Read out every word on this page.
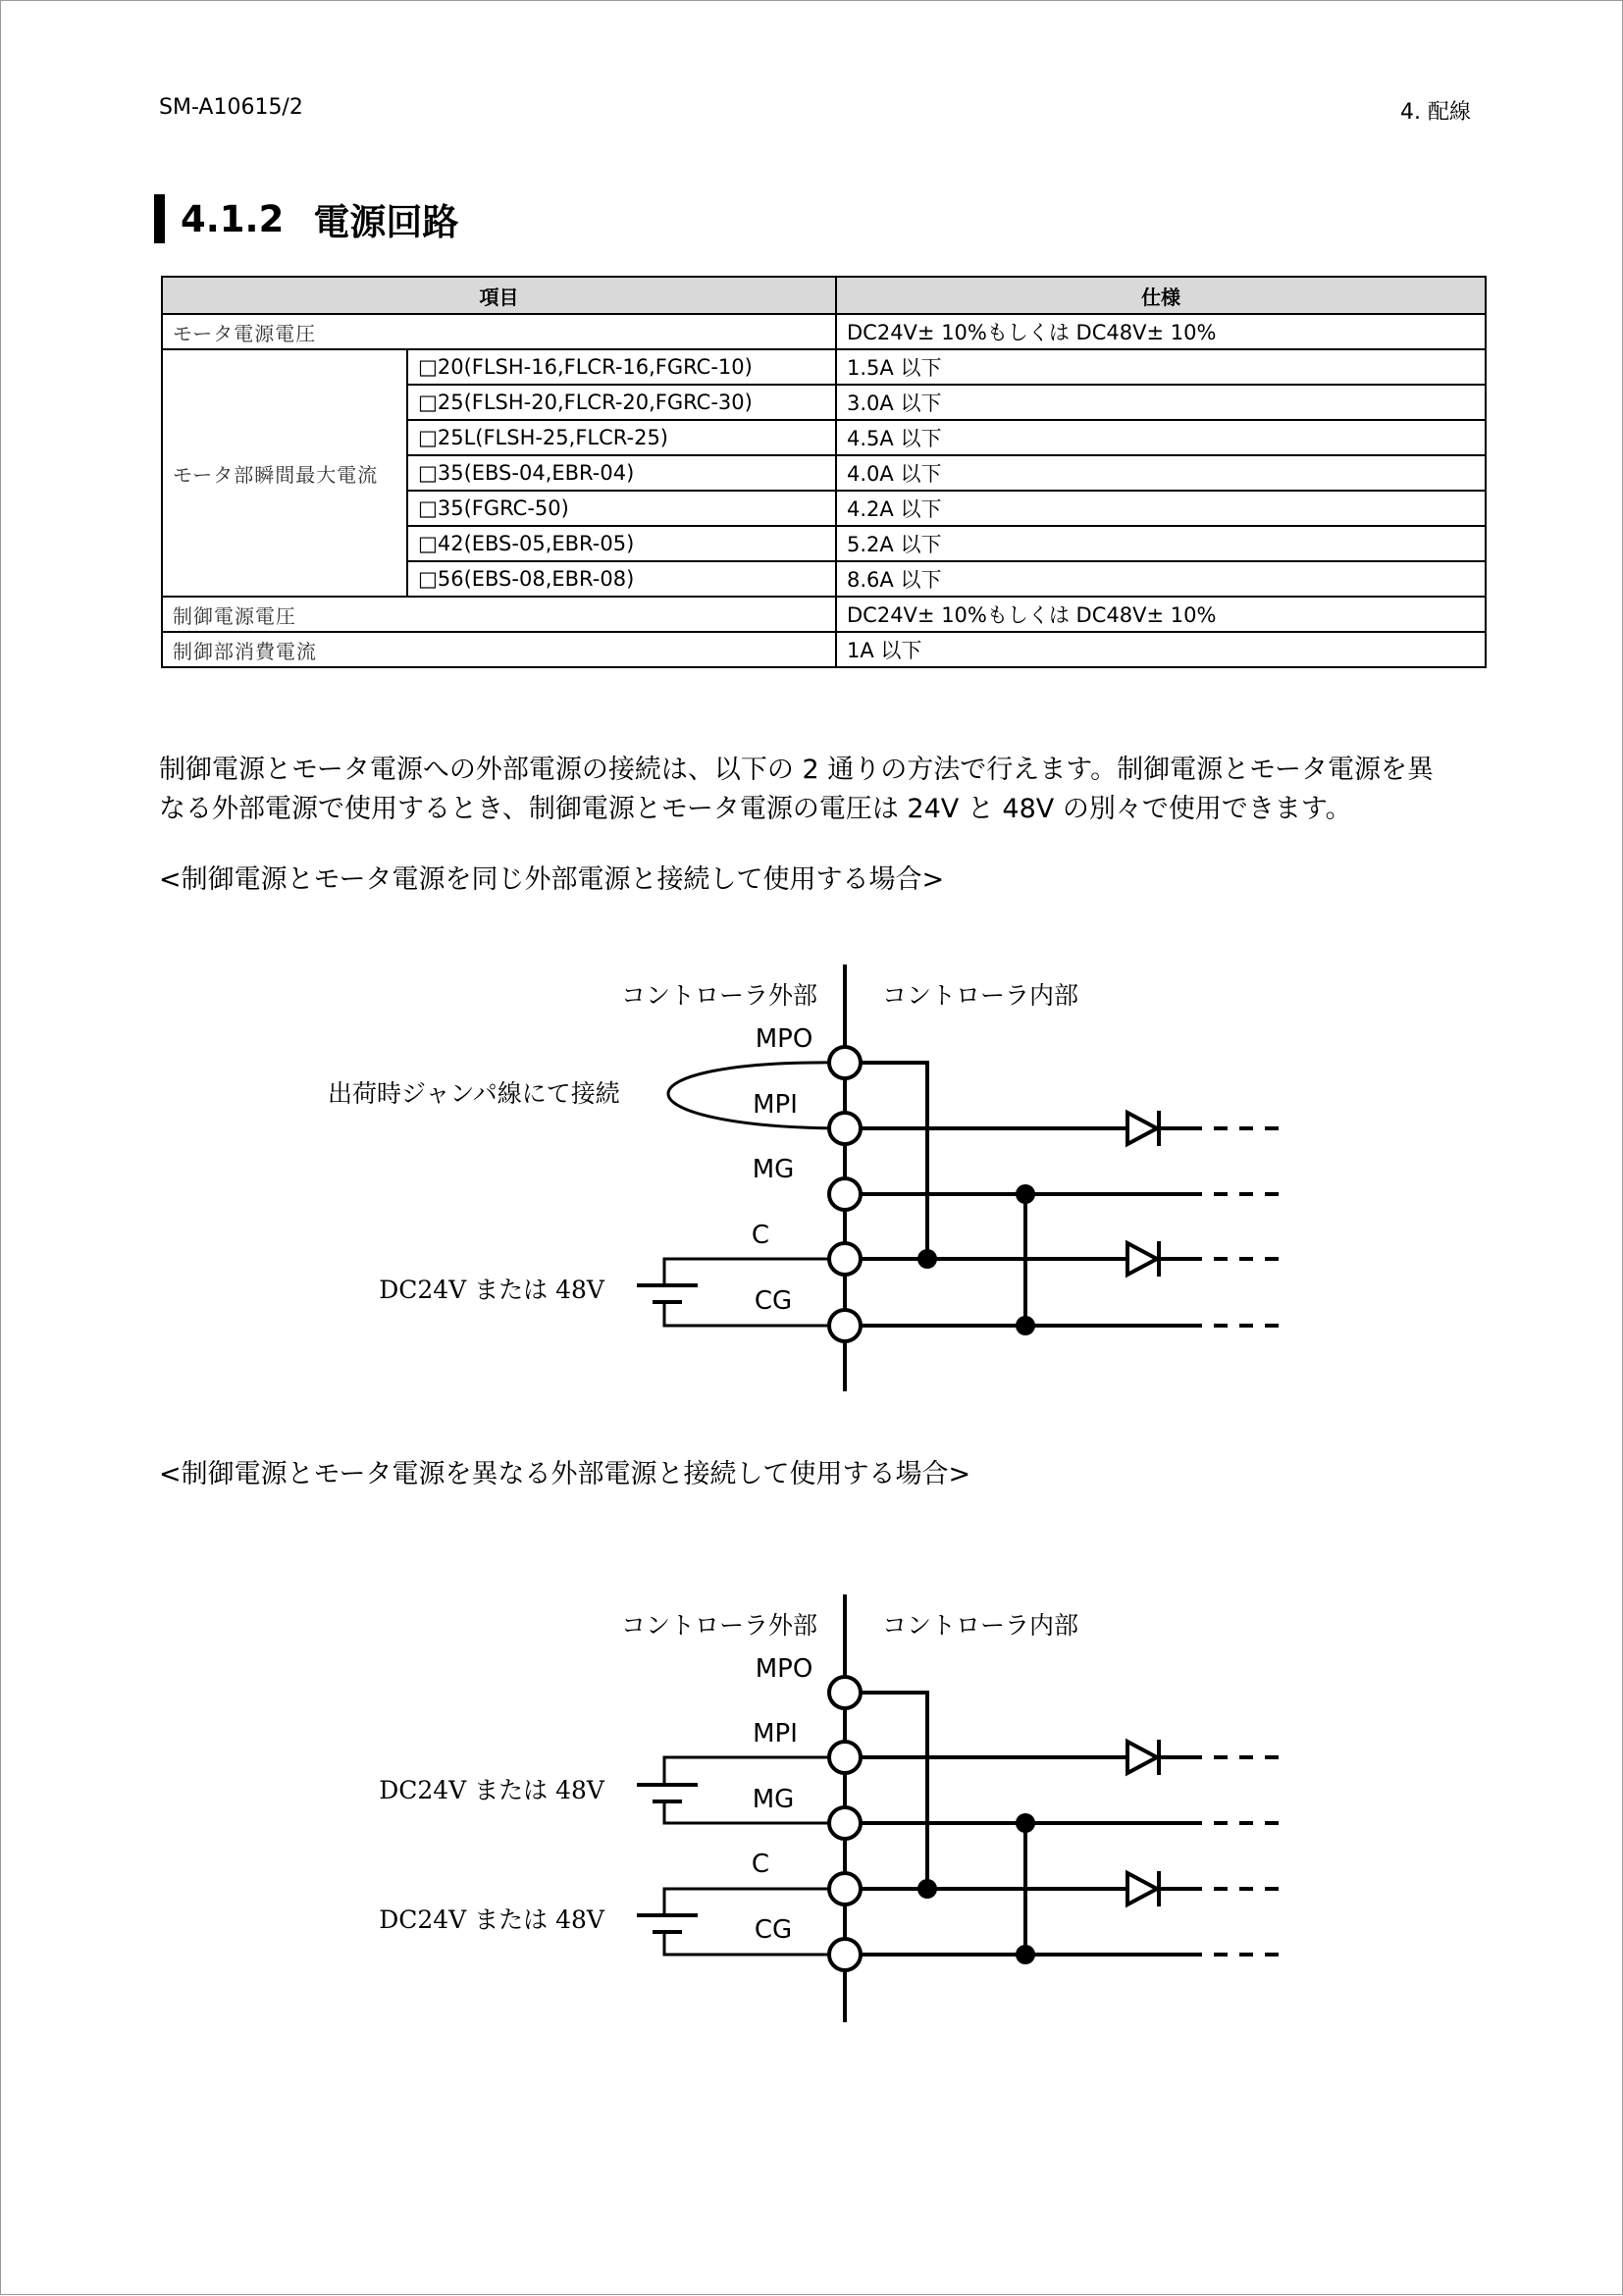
SM-A10615/2	4. 配線
4.1.2 電源回路
項目		仕様
モータ電源電圧		DC24V± 10%もしくは DC48V± 10%
モータ部瞬間最大電流	□20(FLSH-16,FLCR-16,FGRC-10)	1.5A 以下
	□25(FLSH-20,FLCR-20,FGRC-30)	3.0A 以下
	□25L(FLSH-25,FLCR-25)	4.5A 以下
	□35(EBS-04,EBR-04)	4.0A 以下
	□35(FGRC-50)	4.2A 以下
	□42(EBS-05,EBR-05)	5.2A 以下
	□56(EBS-08,EBR-08)	8.6A 以下
制御電源電圧		DC24V± 10%もしくは DC48V± 10%
制御部消費電流		1A 以下
制御電源とモータ電源への外部電源の接続は、以下の 2 通りの方法で行えます。制御電源とモータ電源を異
なる外部電源で使用するとき、制御電源とモータ電源の電圧は 24V と 48V の別々で使用できます。
<制御電源とモータ電源を同じ外部電源と接続して使用する場合>
<制御電源とモータ電源を異なる外部電源と接続して使用する場合>
コントローラ外部	コントローラ内部
出荷時ジャンパ線にて接続
DC24V または 48V
MPO
MPI
MG
C
CG
コントローラ外部	コントローラ内部
DC24V または 48V
DC24V または 48V
MPO
MPI
MG
C
CG
